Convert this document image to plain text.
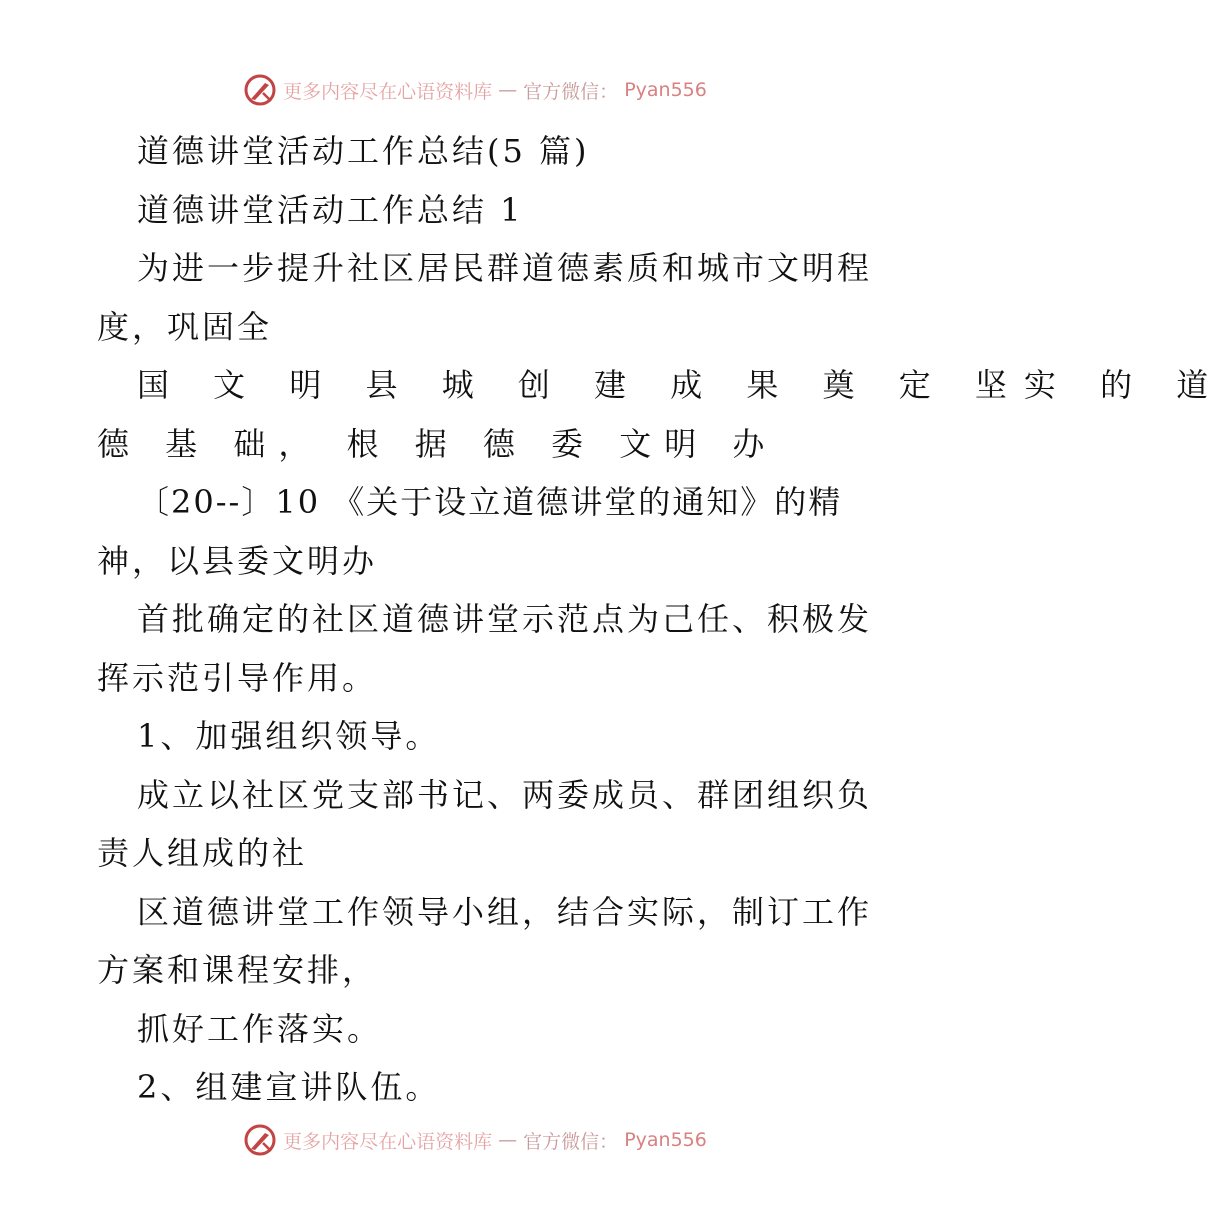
更多内容尽在心语资料库 — 官方微信： Pyan556
道德讲堂活动工作总结(5 篇)
道德讲堂活动工作总结 1
为进一步提升社区居民群道德素质和城市文明程
度，巩固全
国 文 明 县 城 创 建 成 果 奠 定 坚实 的 道
德 基 础， 根 据 德 委 文明 办
〔20--〕10 《关于设立道德讲堂的通知》的精
神，以县委文明办
首批确定的社区道德讲堂示范点为己任、积极发
挥示范引导作用。
1、加强组织领导。
成立以社区党支部书记、两委成员、群团组织负
责人组成的社
区道德讲堂工作领导小组，结合实际，制订工作
方案和课程安排，
抓好工作落实。
2、组建宣讲队伍。
更多内容尽在心语资料库 — 官方微信： Pyan556
